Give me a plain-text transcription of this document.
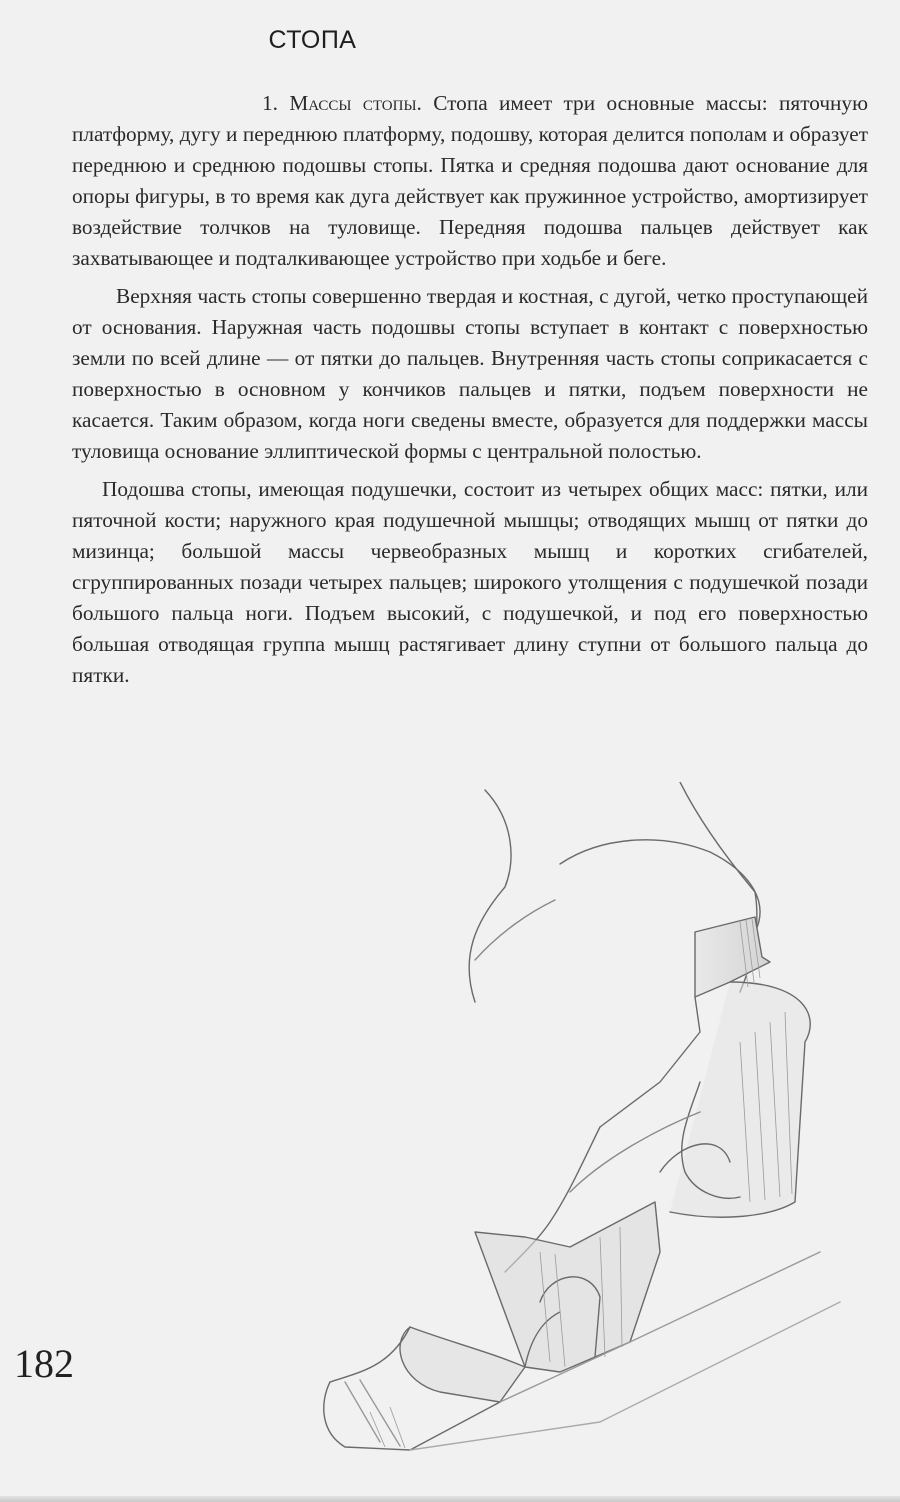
СТОПА

1. Массы стопы. Стопа имеет три основные массы: пяточную платформу, дугу и переднюю платформу, подошву, которая делится пополам и образует переднюю и среднюю подошвы стопы. Пятка и средняя подошва дают основание для опоры фигуры, в то время как дуга действует как пружинное устройство, амортизирует воздействие толчков на туловище. Передняя подошва пальцев действует как захватывающее и подталкивающее устройство при ходьбе и беге.

Верхняя часть стопы совершенно твердая и костная, с дугой, четко проступающей от основания. Наружная часть подошвы стопы вступает в контакт с поверхностью земли по всей длине — от пятки до пальцев. Внутренняя часть стопы соприкасается с поверхностью в основном у кончиков пальцев и пятки, подъем поверхности не касается. Таким образом, когда ноги сведены вместе, образуется для поддержки массы туловища основание эллиптической формы с центральной полостью.

Подошва стопы, имеющая подушечки, состоит из четырех общих масс: пятки, или пяточной кости; наружного края подушечной мышцы; отводящих мышц от пятки до мизинца; большой массы червеобразных мышц и коротких сгибателей, сгруппированных позади четырех пальцев; широкого утолщения с подушечкой позади большого пальца ноги. Подъем высокий, с подушечкой, и под его поверхностью большая отводящая группа мышц растягивает длину ступни от большого пальца до пятки.

182
